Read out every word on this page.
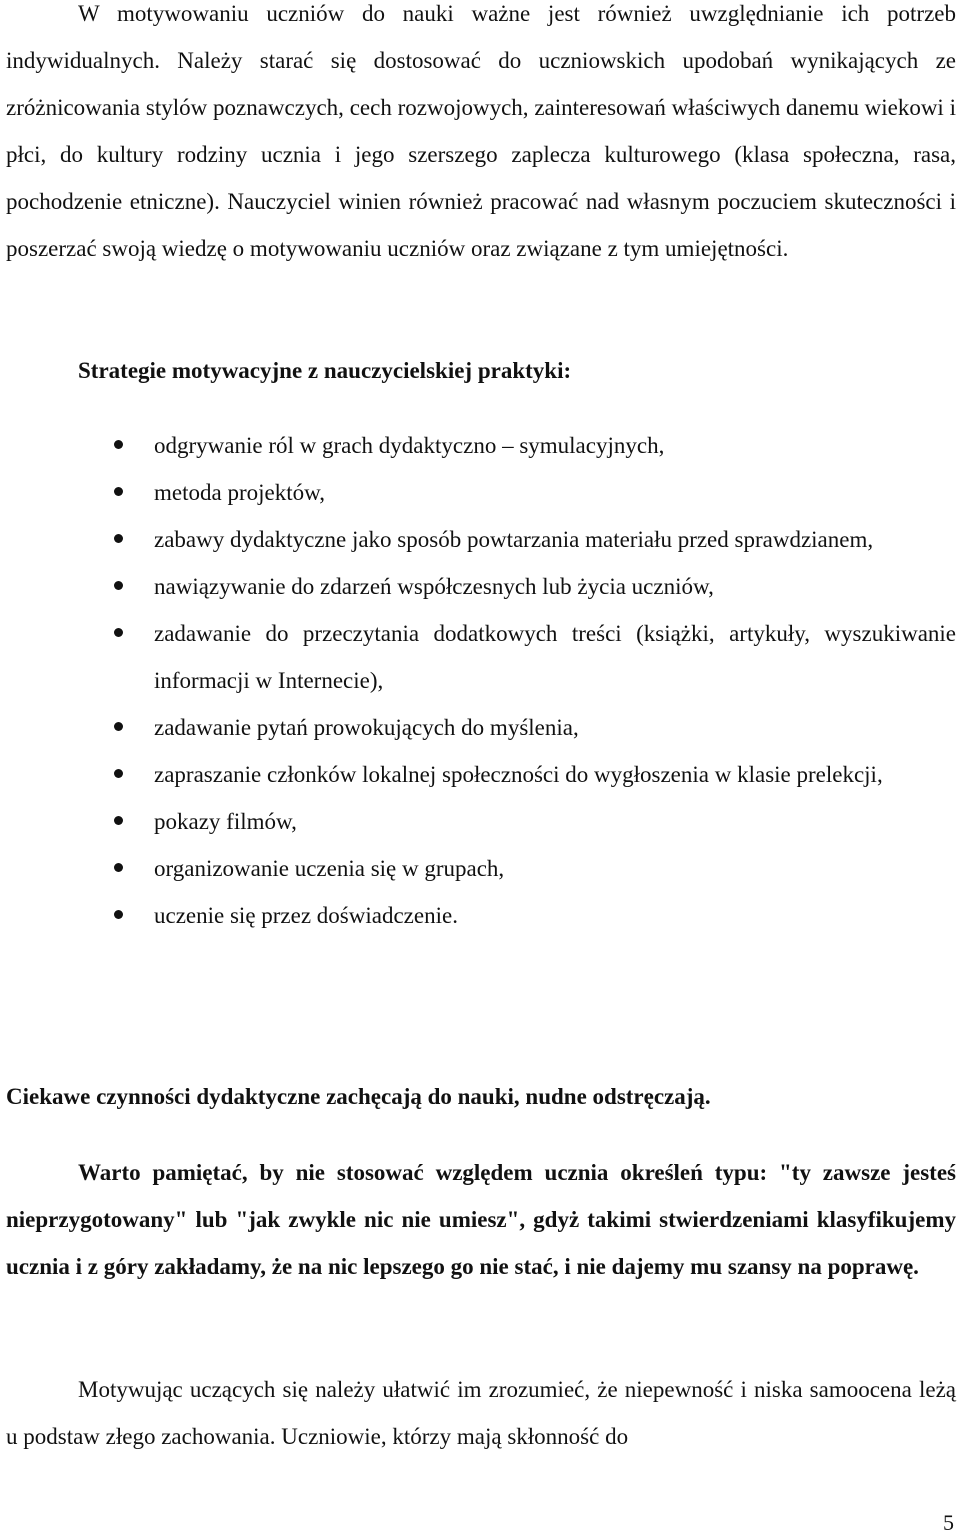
W motywowaniu uczniów do nauki ważne jest również uwzględnianie ich potrzeb indywidualnych. Należy starać się dostosować do uczniowskich upodobań wynikających ze zróżnicowania stylów poznawczych, cech rozwojowych, zainteresowań właściwych danemu wiekowi i płci, do kultury rodziny ucznia i jego szerszego zaplecza kulturowego (klasa społeczna, rasa, pochodzenie etniczne). Nauczyciel winien również pracować nad własnym poczuciem skuteczności i poszerzać swoją wiedzę o motywowaniu uczniów oraz związane z tym umiejętności.

Strategie motywacyjne z nauczycielskiej praktyki:

odgrywanie ról w grach dydaktyczno – symulacyjnych,
metoda projektów,
zabawy dydaktyczne jako sposób powtarzania materiału przed sprawdzianem,
nawiązywanie do zdarzeń współczesnych lub życia uczniów,
zadawanie do przeczytania dodatkowych treści (książki, artykuły, wyszukiwanie informacji w Internecie),
zadawanie pytań prowokujących do myślenia,
zapraszanie członków lokalnej społeczności do wygłoszenia w klasie prelekcji,
pokazy filmów,
organizowanie uczenia się w grupach,
uczenie się przez doświadczenie.

Ciekawe czynności dydaktyczne zachęcają do nauki, nudne odstręczają.

Warto pamiętać, by nie stosować względem ucznia określeń typu: "ty zawsze jesteś nieprzygotowany" lub "jak zwykle nic nie umiesz", gdyż takimi stwierdzeniami klasyfikujemy ucznia i z góry zakładamy, że na nic lepszego go nie stać, i nie dajemy mu szansy na poprawę.

Motywując uczących się należy ułatwić im zrozumieć, że niepewność i niska samoocena leżą u podstaw złego zachowania. Uczniowie, którzy mają skłonność do

5
